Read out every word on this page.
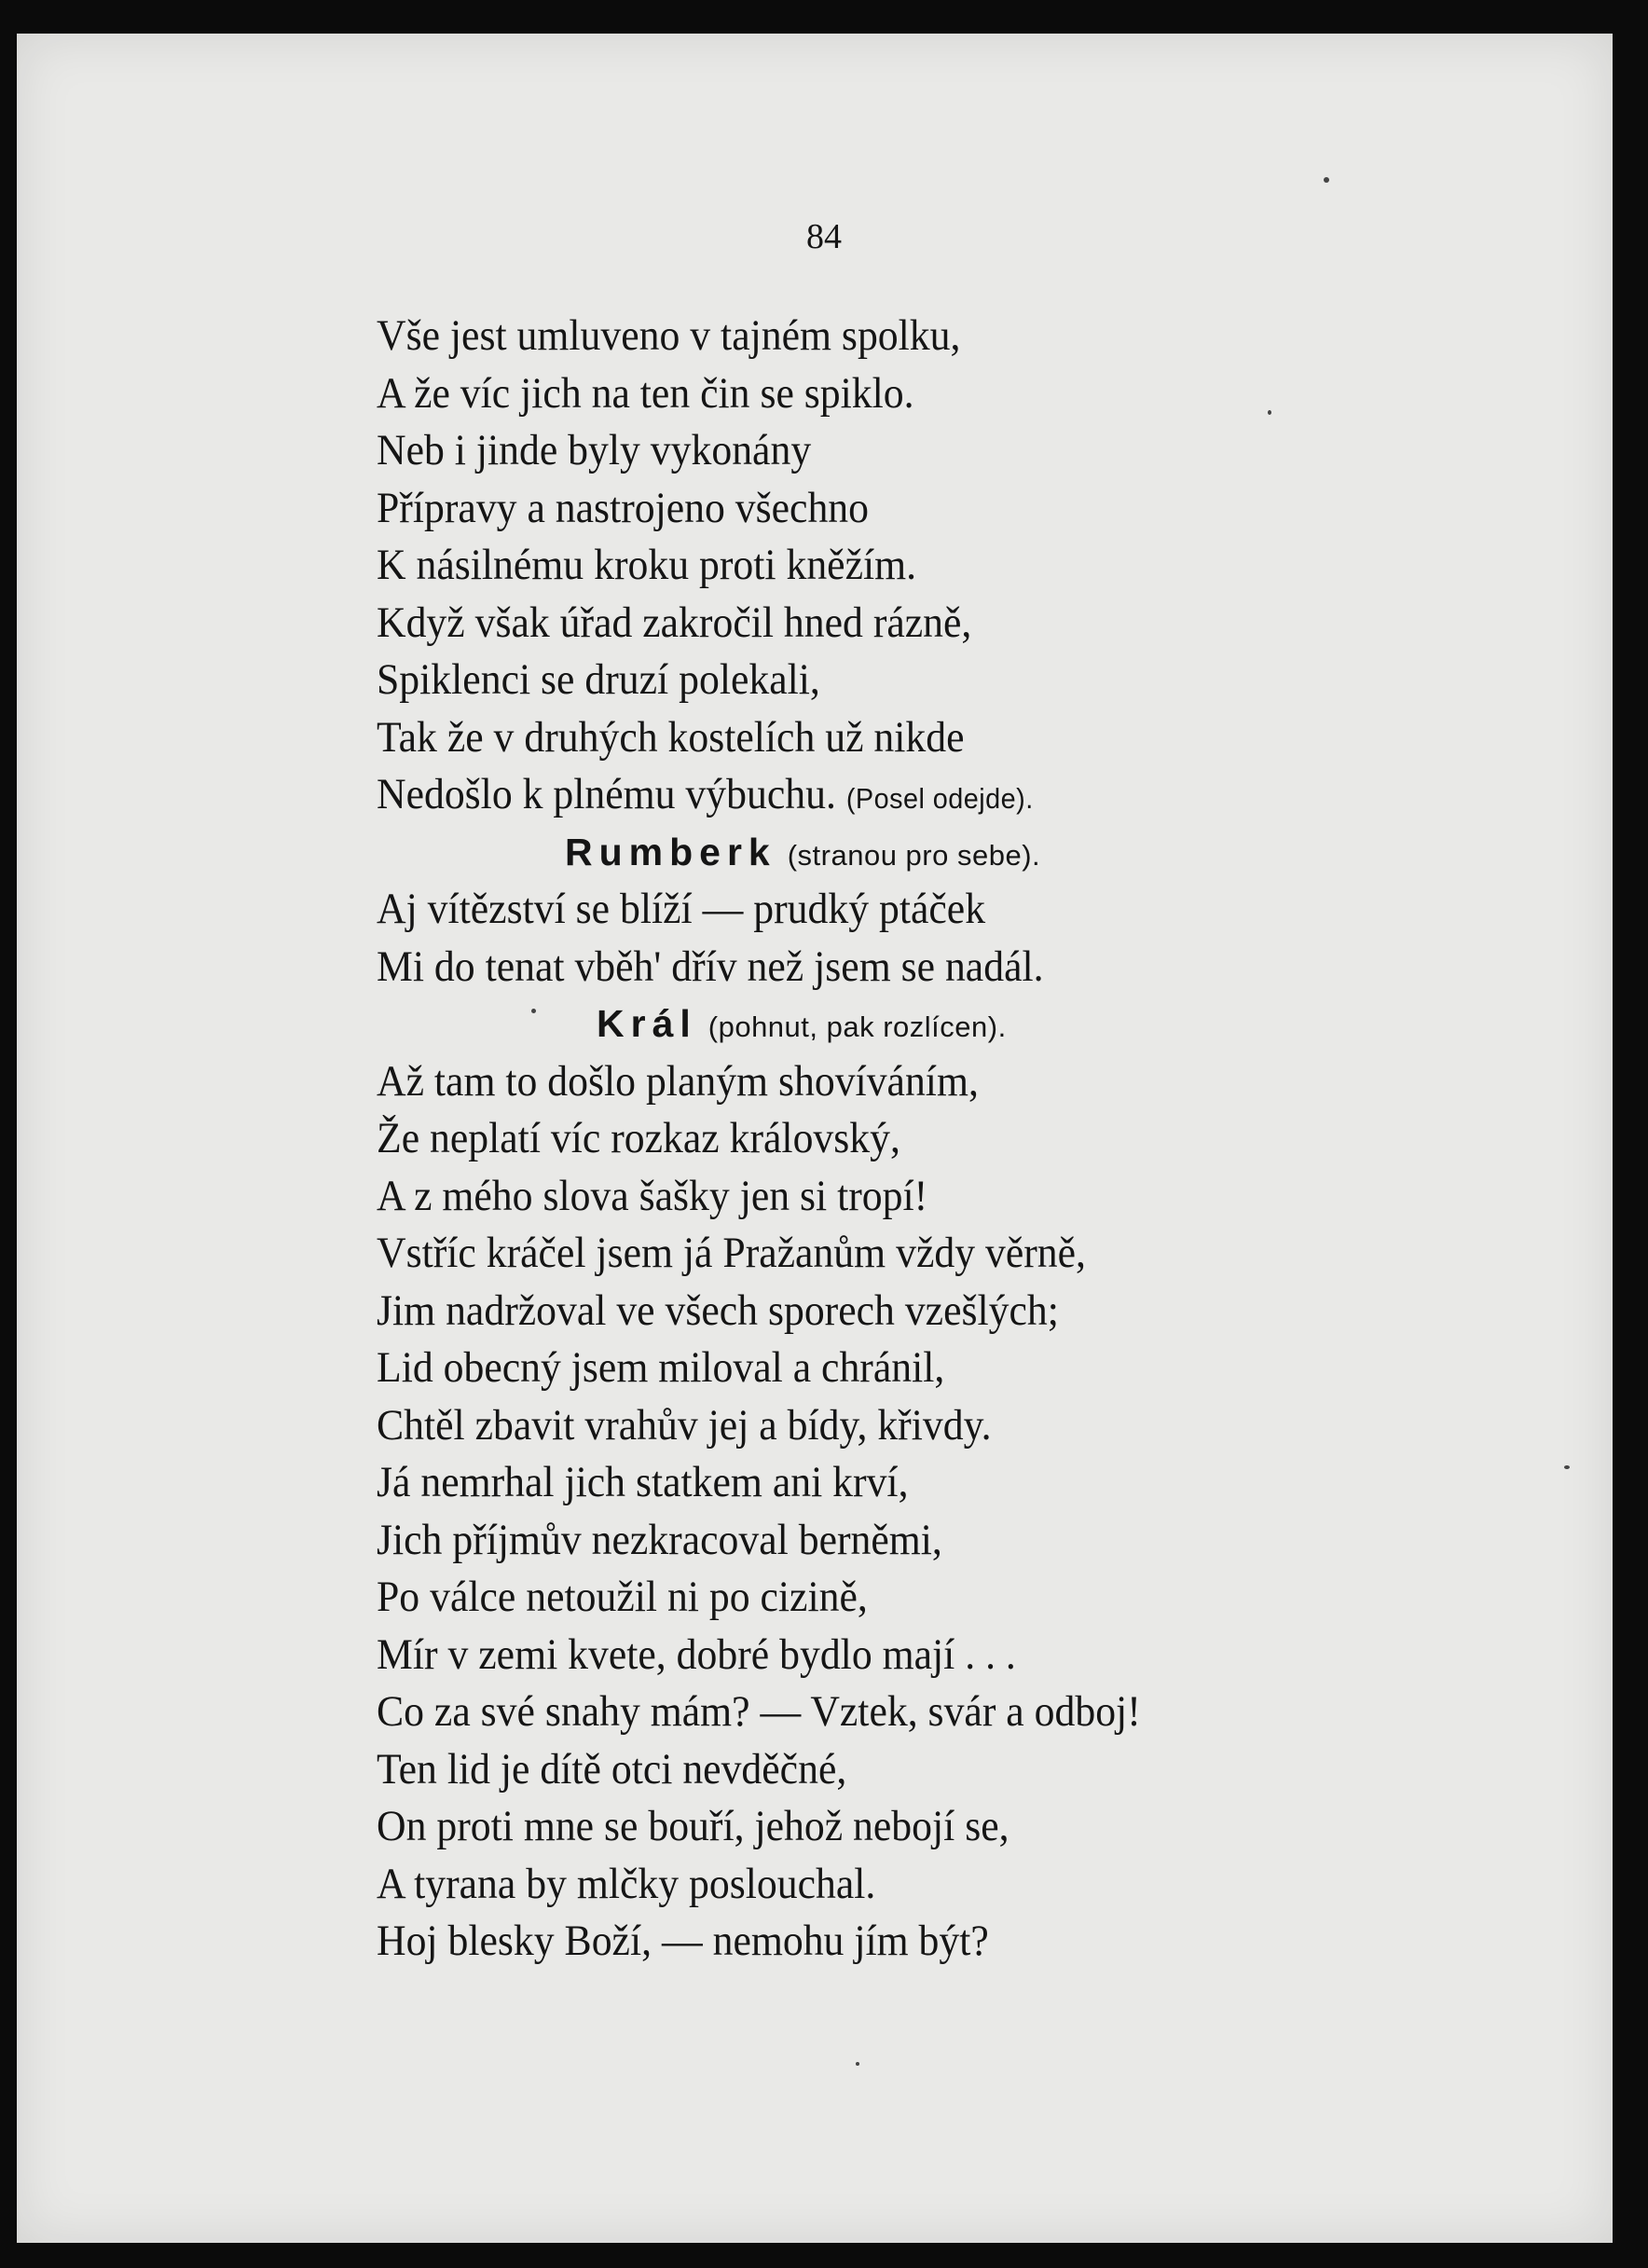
84
Vše jest umluveno v tajném spolku,
A že víc jich na ten čin se spiklo.
Neb i jinde byly vykonány
Přípravy a nastrojeno všechno
K násilnému kroku proti kněžím.
Když však úřad zakročil hned rázně,
Spiklenci se druzí polekali,
Tak že v druhých kostelích už nikde
Nedošlo k plnému výbuchu. (Posel odejde).
Rumberk (stranou pro sebe).
Aj vítězství se blíží — prudký ptáček
Mi do tenat vběh' dřív než jsem se nadál.
Král (pohnut, pak rozlícen).
Až tam to došlo planým shovíváním,
Že neplatí víc rozkaz královský,
A z mého slova šašky jen si tropí!
Vstříc kráčel jsem já Pražanům vždy věrně,
Jim nadržoval ve všech sporech vzešlých;
Lid obecný jsem miloval a chránil,
Chtěl zbavit vrahův jej a bídy, křivdy.
Já nemrhal jich statkem ani krví,
Jich příjmův nezkracoval berněmi,
Po válce netoužil ni po cizině,
Mír v zemi kvete, dobré bydlo mají . . .
Co za své snahy mám? — Vztek, svár a odboj!
Ten lid je dítě otci nevděčné,
On proti mne se bouří, jehož nebojí se,
A tyrana by mlčky poslouchal.
Hoj blesky Boží, — nemohu jím být?
